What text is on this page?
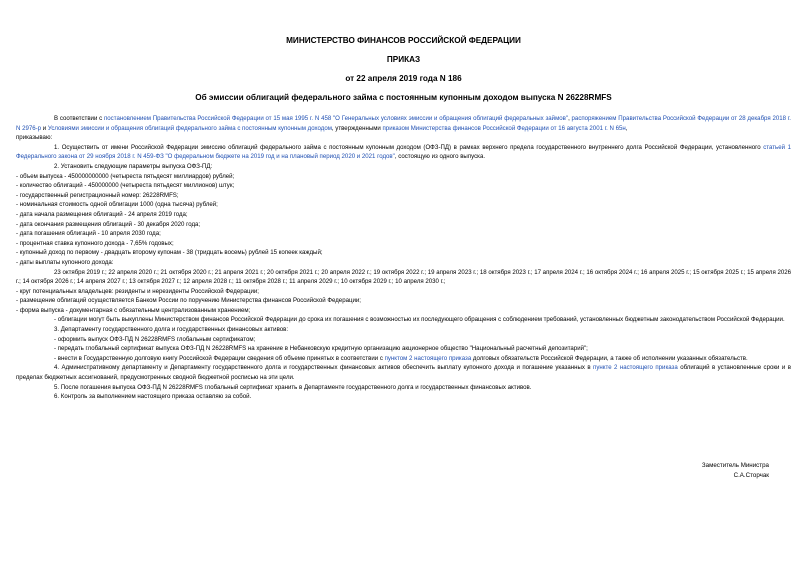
МИНИСТЕРСТВО ФИНАНСОВ РОССИЙСКОЙ ФЕДЕРАЦИИ
ПРИКАЗ
от 22 апреля 2019 года N 186
Об эмиссии облигаций федерального займа с постоянным купонным доходом выпуска N 26228RMFS

В соответствии с постановлением Правительства Российской Федерации от 15 мая 1995 г. N 458 "О Генеральных условиях эмиссии и обращения облигаций федеральных займов", распоряжением Правительства Российской Федерации от 28 декабря 2018 г. N 2976-р и Условиями эмиссии и обращения облигаций федерального займа с постоянным купонным доходом, утвержденными приказом Министерства финансов Российской Федерации от 16 августа 2001 г. N 65н,

приказываю:

1. Осуществить от имени Российской Федерации эмиссию облигаций федерального займа с постоянным купонным доходом (ОФЗ-ПД) в рамках верхнего предела государственного внутреннего долга Российской Федерации, установленного статьей 1 Федерального закона от 29 ноября 2018 г. N 459-ФЗ "О федеральном бюджете на 2019 год и на плановый период 2020 и 2021 годов", состоящую из одного выпуска.

2. Установить следующие параметры выпуска ОФЗ-ПД:

- объем выпуска - 450000000000 (четыреста пятьдесят миллиардов) рублей;

- количество облигаций - 450000000 (четыреста пятьдесят миллионов) штук;

- государственный регистрационный номер: 26228RMFS;

- номинальная стоимость одной облигации 1000 (одна тысяча) рублей;

- дата начала размещения облигаций - 24 апреля 2019 года;

- дата окончания размещения облигаций - 30 декабря 2020 года;

- дата погашения облигаций - 10 апреля 2030 года;

- процентная ставка купонного дохода - 7,65% годовых;

- купонный доход по первому - двадцать второму купонам - 38 (тридцать восемь) рублей 15 копеек каждый;

- даты выплаты купонного дохода:

23 октября 2019 г.; 22 апреля 2020 г.; 21 октября 2020 г.; 21 апреля 2021 г.; 20 октября 2021 г.; 20 апреля 2022 г.; 19 октября 2022 г.; 19 апреля 2023 г.; 18 октября 2023 г.; 17 апреля 2024 г.; 16 октября 2024 г.; 16 апреля 2025 г.; 15 октября 2025 г.; 15 апреля 2026 г.; 14 октября 2026 г.; 14 апреля 2027 г.; 13 октября 2027 г.; 12 апреля 2028 г.; 11 октября 2028 г.; 11 апреля 2029 г.; 10 октября 2029 г.; 10 апреля 2030 г.;

- круг потенциальных владельцев: резиденты и нерезиденты Российской Федерации;

- размещение облигаций осуществляется Банком России по поручению Министерства финансов Российской Федерации;

- форма выпуска - документарная с обязательным централизованным хранением;

- облигации могут быть выкуплены Министерством финансов Российской Федерации до срока их погашения с возможностью их последующего обращения с соблюдением требований, установленных бюджетным законодательством Российской Федерации.

3. Департаменту государственного долга и государственных финансовых активов:

- оформить выпуск ОФЗ-ПД N 26228RMFS глобальным сертификатом;

- передать глобальный сертификат выпуска ОФЗ-ПД N 26228RMFS на хранение в Небанковскую кредитную организацию акционерное общество "Национальный расчетный депозитарий";

- внести в Государственную долговую книгу Российской Федерации сведения об объеме принятых в соответствии с пунктом 2 настоящего приказа долговых обязательств Российской Федерации, а также об исполнении указанных обязательств.

4. Административному департаменту и Департаменту государственного долга и государственных финансовых активов обеспечить выплату купонного дохода и погашение указанных в пункте 2 настоящего приказа облигаций в установленные сроки и в пределах бюджетных ассигнований, предусмотренных сводной бюджетной росписью на эти цели.

5. После погашения выпуска ОФЗ-ПД N 26228RMFS глобальный сертификат хранить в Департаменте государственного долга и государственных финансовых активов.

6. Контроль за выполнением настоящего приказа оставляю за собой.

Заместитель Министра
С.А.Сторчак
